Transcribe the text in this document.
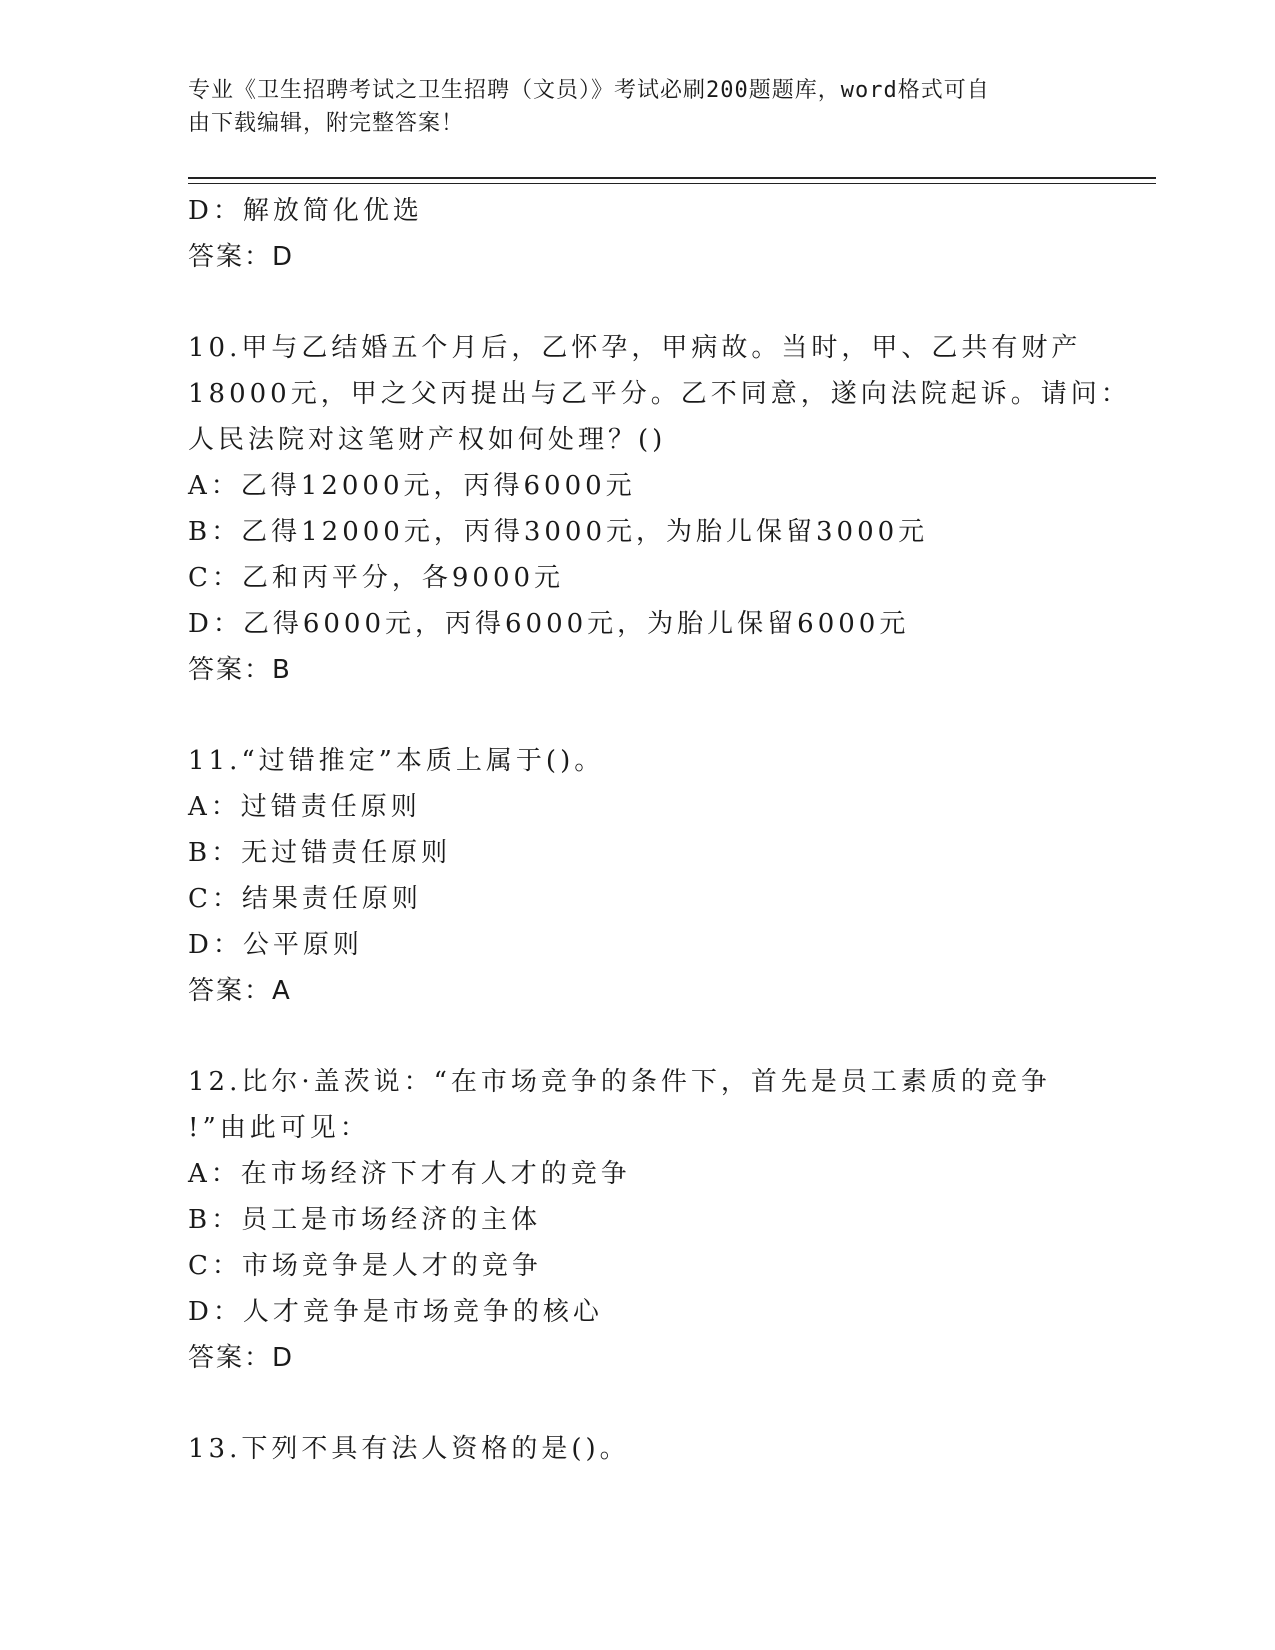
专业《卫生招聘考试之卫生招聘（文员）》考试必刷200题题库，word格式可自
由下载编辑，附完整答案！
D：解放简化优选
答案：D
10.甲与乙结婚五个月后，乙怀孕，甲病故。当时，甲、乙共有财产
18000元，甲之父丙提出与乙平分。乙不同意，遂向法院起诉。请问：
人民法院对这笔财产权如何处理？()
A：乙得12000元，丙得6000元
B：乙得12000元，丙得3000元，为胎儿保留3000元
C：乙和丙平分，各9000元
D：乙得6000元，丙得6000元，为胎儿保留6000元
答案：B
11.“过错推定”本质上属于()。
A：过错责任原则
B：无过错责任原则
C：结果责任原则
D：公平原则
答案：A
12.比尔·盖茨说：“在市场竞争的条件下，首先是员工素质的竞争
!”由此可见：
A：在市场经济下才有人才的竞争
B：员工是市场经济的主体
C：市场竞争是人才的竞争
D：人才竞争是市场竞争的核心
答案：D
13.下列不具有法人资格的是()。
